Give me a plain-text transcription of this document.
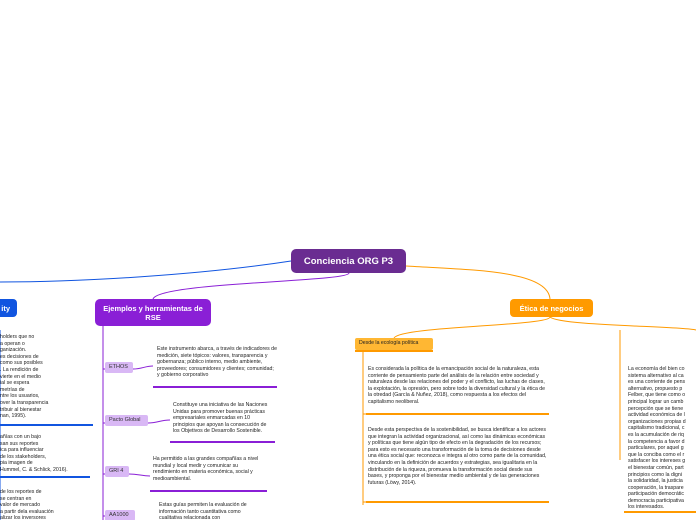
Conciencia ORG P3
ity	Ejemplos y herramientas de RSE
Ética de negocios
holders que no
a operan o
ganización.
es decisiones de
como sus posibles
. La rendición de
vierte en el medio
ial se espera
metrías de
ntre los usuarios,
over la transparencia
tribuir al bienestar
nan, 1995).
añías con un bajo
san sus reportes
ica para influenciar
de los stakeholders,
pia imagen de
Hummel, C. & Schlick, 2016).
de los reportes de
se centran en
valor de mercado
a partir dela evaluación
alizar los inversores
ETHOS
Este instrumento abarca, a través de indicadores de medición, siete tópicos: valores, transparencia y gobernanza; público interno, medio ambiente, proveedores; consumidores y clientes; comunidad; y gobierno corporativo
Pacto Global
Constituye una iniciativa de las Naciones Unidas para promover buenas prácticas empresariales enmarcadas en 10 principios que apoyan la consecución de los Objetivos de Desarrollo Sostenible.
GRI 4
Ha permitido a las grandes compañías a nivel mundial y local medir y comunicar su rendimiento en materia económica, social y medioambiental.
AA1000
Estas guías permiten la evaluación de información tanto cuantitativa como cualitativa relacionada con
Desde la ecología política
Es considerada la política de la emancipación social de la naturaleza, esta corriente de pensamiento parte del análisis de la relación entre sociedad y naturaleza desde las relaciones del poder y el conflicto, las luchas de clases, la explotación, la opresión, pero sobre todo la diversidad cultural y la ética de la otredad (García & Nuñez, 2018), como respuesta a los efectos del capitalismo neoliberal.
Desde esta perspectiva de la sostenibilidad, se busca identificar a los actores que integran la actividad organizacional, así como las dinámicas económicas y políticas que tiene algún tipo de efecto en la degradación de los recursos; para esto es necesario una transformación de la toma de decisiones desde una ética social que: reconozca e integra al otro como parte de la comunidad, vinculando en la definición de acuerdos y estrategias, sea igualitaria en la distribución de la riqueza, promueva la transformación social desde sus bases, y proponga por el bienestar medio ambiental y de las generaciones futuras (Löwy, 2014).
La economía del bien co
sistema alternativo al ca
es una corriente de pens
alternativo, propuesto p
Felber, que tiene como o
principal lograr un camb
percepción que se tiene
actividad económica de l
organizaciones propias d
capitalismo tradicional, c
es la acumulación de riq
la competencia a favor d
particulares, por aquel g
que la conciba como el r
satisfacer los intereses g
el bienestar común, part
principios como la digni
la solidaridad, la justicia
cooperación, la traspare
participación democrátic
democracia participativa
los interesados.
